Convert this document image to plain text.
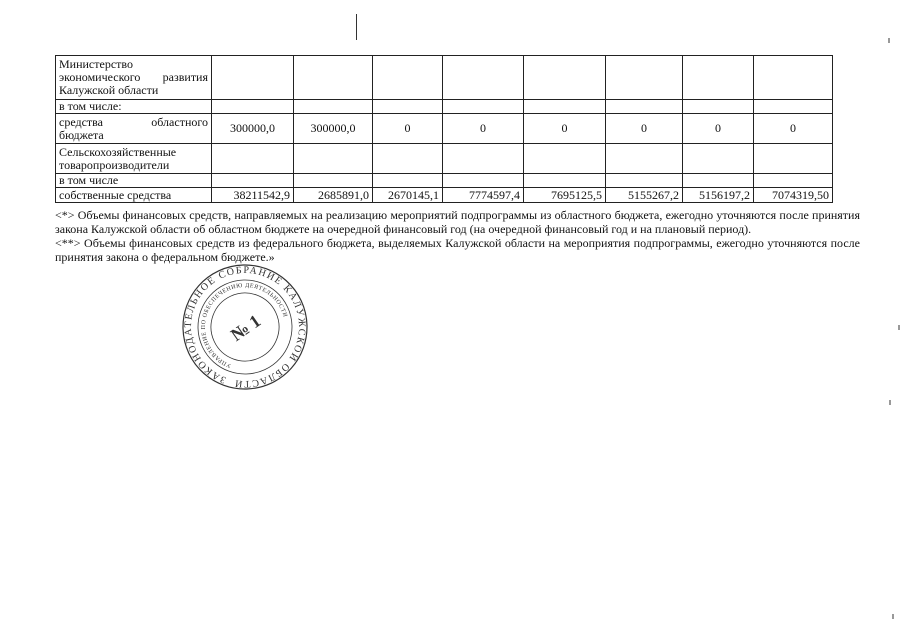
Министерство
экономического развития
Калужской области								

в том числе:								

средства областного
бюджета	300000,0	300000,0	0	0	0	0	0	0

Сельскохозяйственные
товаропроизводители								

в том числе								

собственные средства	38211542,9	2685891,0	2670145,1	7774597,4	7695125,5	5155267,2	5156197,2	7074319,50

<*> Объемы финансовых средств, направляемых на реализацию мероприятий подпрограммы из областного бюджета, ежегодно уточняются после принятия закона Калужской области об областном бюджете на очередной финансовый год (на очередной финансовый год и на плановый период).

<**> Объемы финансовых средств из федерального бюджета, выделяемых Калужской области на мероприятия подпрограммы, ежегодно уточняются после принятия закона о федеральном бюджете.»

ЗАКОНОДАТЕЛЬНОЕ СОБРАНИЕ КАЛУЖСКОЙ ОБЛАСТИ
УПРАВЛЕНИЕ ПО ОБЕСПЕЧЕНИЮ ДЕЯТЕЛЬНОСТИ
№ 1
